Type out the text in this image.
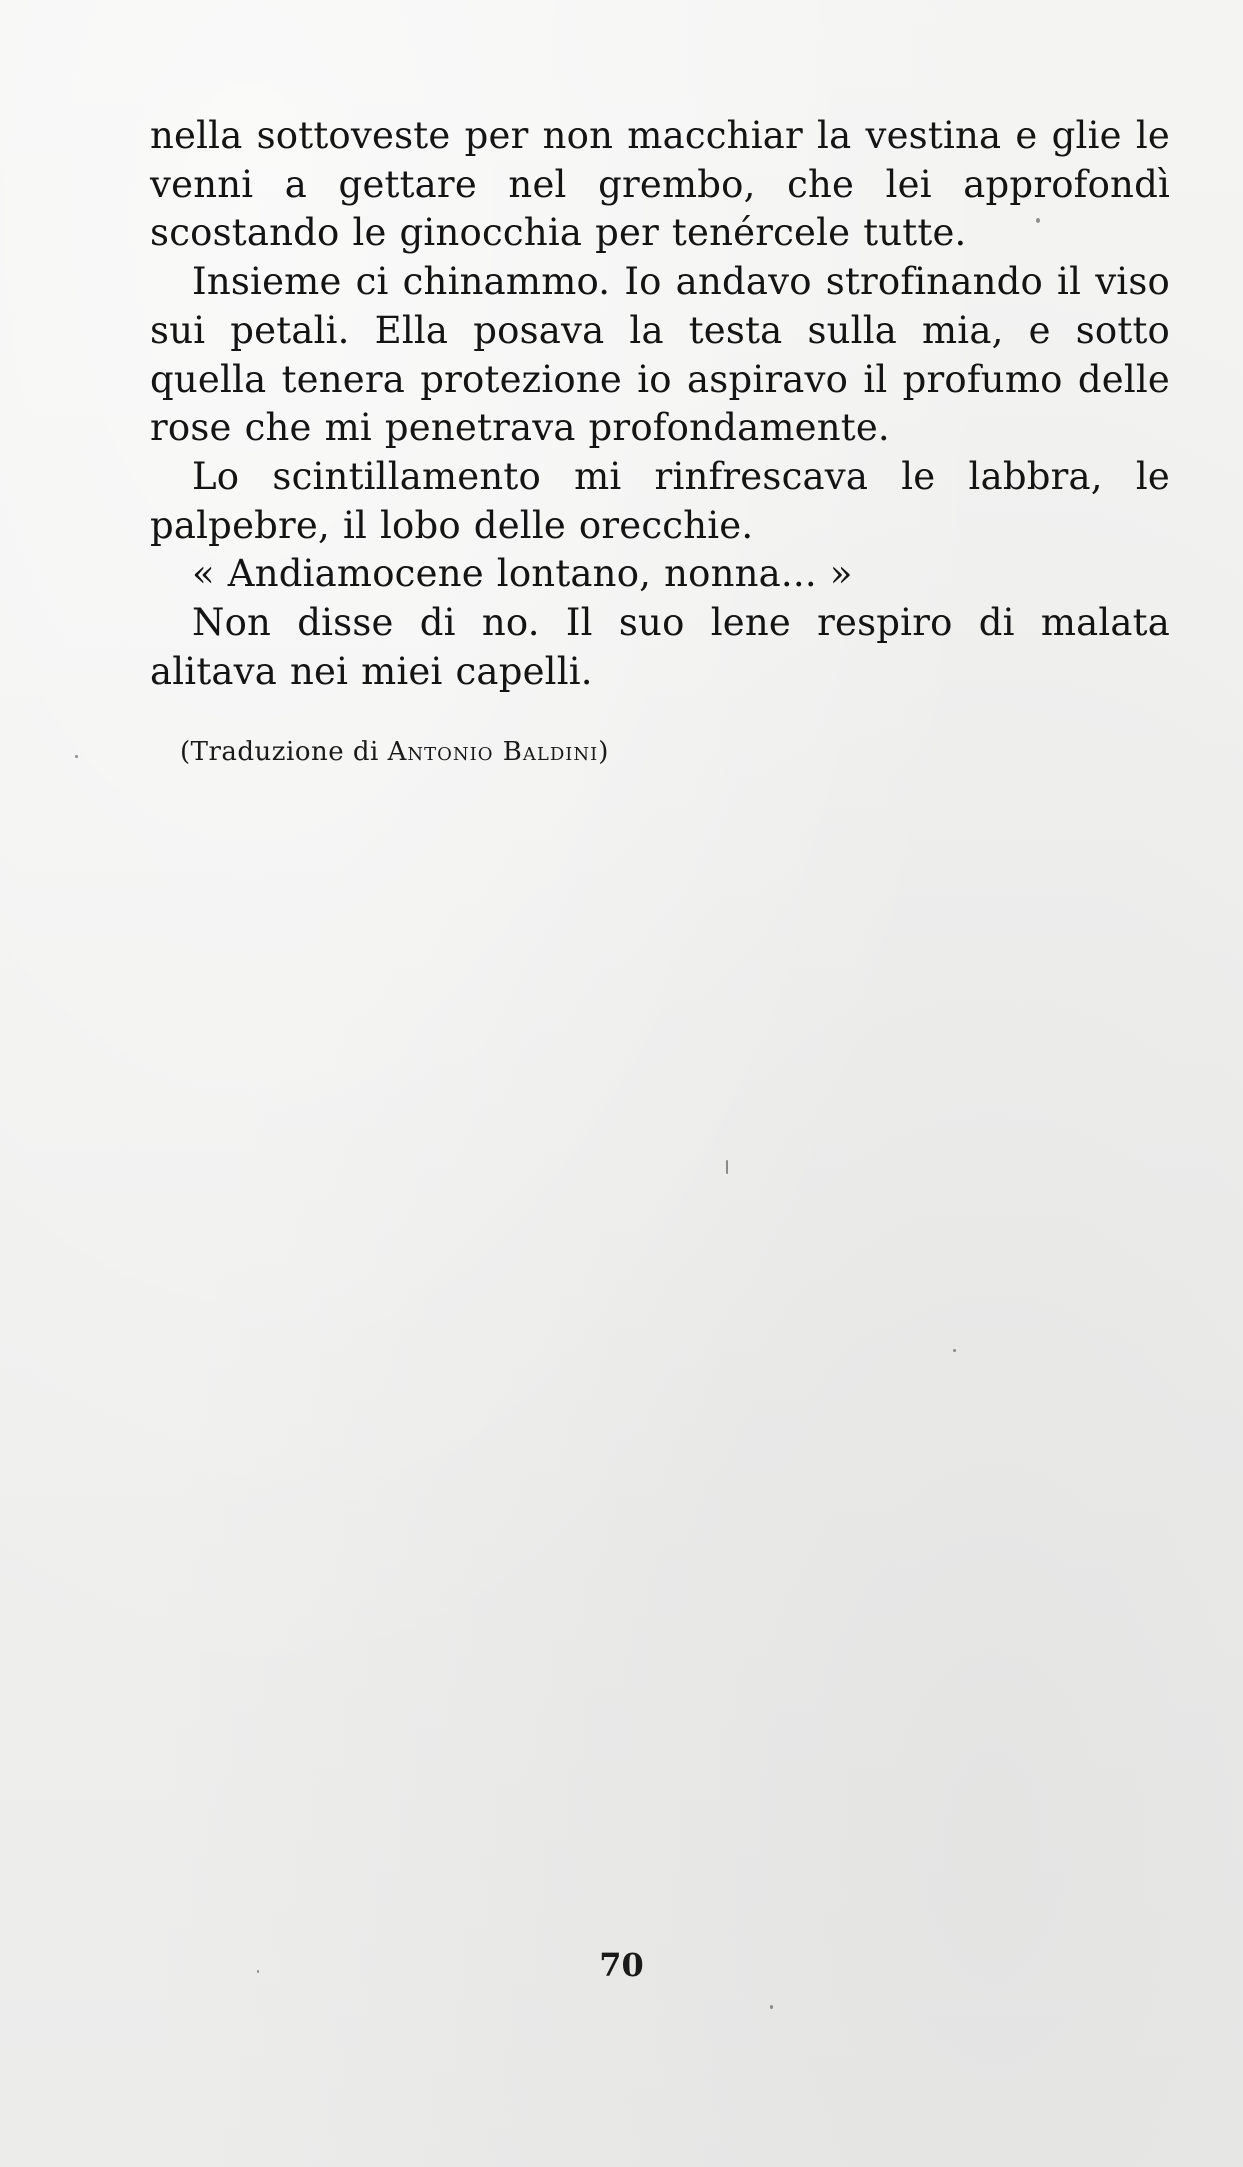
nella sottoveste per non macchiar la vestina e glie le venni a gettare nel grembo, che lei approfondì scostando le ginocchia per tenércele tutte.

Insieme ci chinammo. Io andavo strofinando il viso sui petali. Ella posava la testa sulla mia, e sotto quella tenera protezione io aspiravo il profumo delle rose che mi penetrava profondamente.

Lo scintillamento mi rinfrescava le labbra, le palpebre, il lobo delle orecchie.

« Andiamocene lontano, nonna... »

Non disse di no. Il suo lene respiro di malata alitava nei miei capelli.

(Traduzione di Antonio Baldini)
70
